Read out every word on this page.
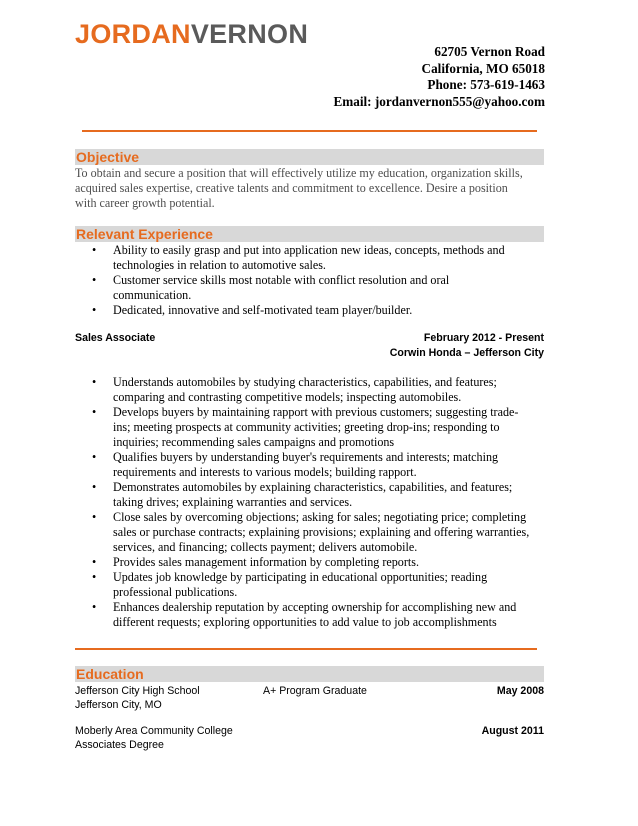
JORDANVERNON
62705 Vernon Road
California, MO 65018
Phone: 573-619-1463
Email: jordanvernon555@yahoo.com
Objective
To obtain and secure a position that will effectively utilize my education, organization skills,
acquired sales expertise, creative talents and commitment to excellence. Desire a position
with career growth potential.
Relevant Experience
• Ability to easily grasp and put into application new ideas, concepts, methods and
technologies in relation to automotive sales.
• Customer service skills most notable with conflict resolution and oral
communication.
• Dedicated, innovative and self-motivated team player/builder.
Sales Associate	February 2012 - Present
Corwin Honda – Jefferson City
• Understands automobiles by studying characteristics, capabilities, and features;
comparing and contrasting competitive models; inspecting automobiles.
• Develops buyers by maintaining rapport with previous customers; suggesting trade-
ins; meeting prospects at community activities; greeting drop-ins; responding to
inquiries; recommending sales campaigns and promotions
• Qualifies buyers by understanding buyer's requirements and interests; matching
requirements and interests to various models; building rapport.
• Demonstrates automobiles by explaining characteristics, capabilities, and features;
taking drives; explaining warranties and services.
• Close sales by overcoming objections; asking for sales; negotiating price; completing
sales or purchase contracts; explaining provisions; explaining and offering warranties,
services, and financing; collects payment; delivers automobile.
• Provides sales management information by completing reports.
• Updates job knowledge by participating in educational opportunities; reading
professional publications.
• Enhances dealership reputation by accepting ownership for accomplishing new and
different requests; exploring opportunities to add value to job accomplishments
Education
Jefferson City High School	A+ Program Graduate	May 2008
Jefferson City, MO
Moberly Area Community College	August 2011
Associates Degree
